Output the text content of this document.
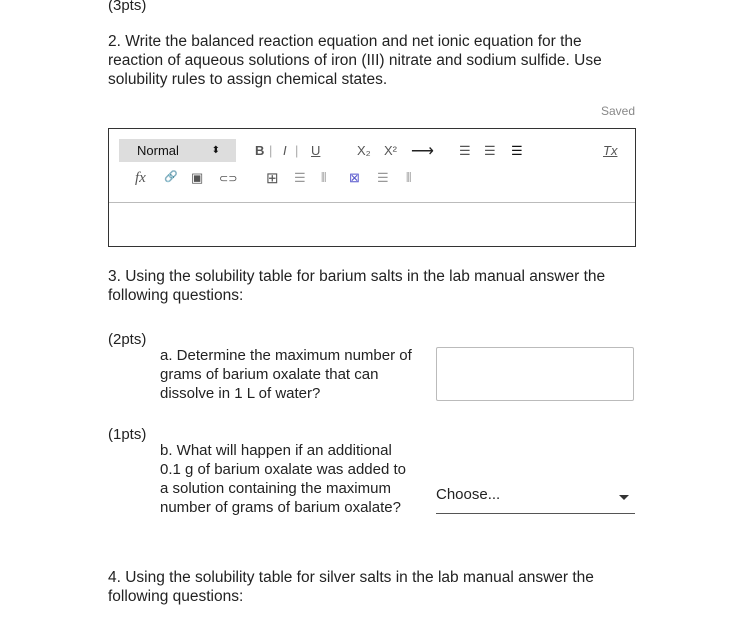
(3pts)
2. Write the balanced reaction equation and net ionic equation for the reaction of aqueous solutions of iron (III) nitrate and sodium sulfide. Use solubility rules to assign chemical states.
Saved
Normal	⬍	B | I | U	X₂ X² ⟶ ☰ ☰ ☰	Tx
fx 🔗 ▣ ⊂⊃ ⊞ ☰ ⫴ ⊠ ☰ ⫴
3. Using the solubility table for barium salts in the lab manual answer the following questions:
(2pts)
a. Determine the maximum number of grams of barium oxalate that can dissolve in 1 L of water?
(1pts)
b. What will happen if an additional 0.1 g of barium oxalate was added to a solution containing the maximum number of grams of barium oxalate?
Choose...
4. Using the solubility table for silver salts in the lab manual answer the following questions:
